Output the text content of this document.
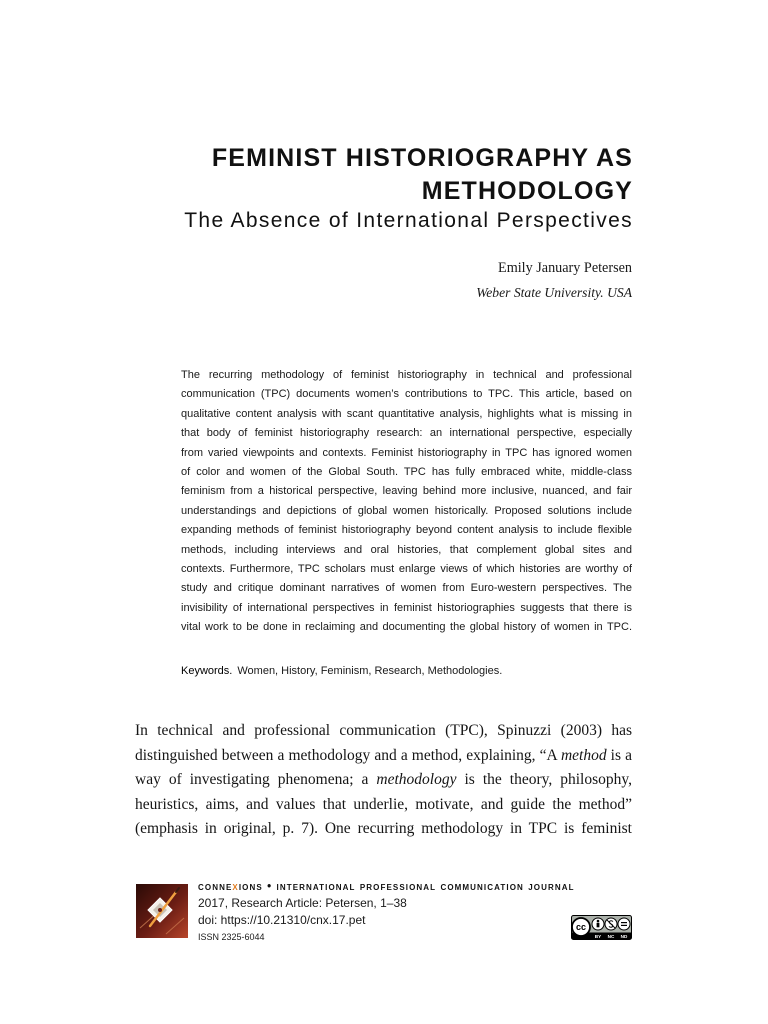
FEMINIST HISTORIOGRAPHY AS
METHODOLOGY
The Absence of International Perspectives
Emily January Petersen
Weber State University. USA
The recurring methodology of feminist historiography in technical and professional
communication (TPC) documents women’s contributions to TPC. This article, based on
qualitative content analysis with scant quantitative analysis, highlights what is missing in
that body of feminist historiography research: an international perspective, especially
from varied viewpoints and contexts. Feminist historiography in TPC has ignored women
of color and women of the Global South. TPC has fully embraced white, middle-class
feminism from a historical perspective, leaving behind more inclusive, nuanced, and fair
understandings and depictions of global women historically. Proposed solutions include
expanding methods of feminist historiography beyond content analysis to include flexible
methods, including interviews and oral histories, that complement global sites and
contexts. Furthermore, TPC scholars must enlarge views of which histories are worthy of
study and critique dominant narratives of women from Euro-western perspectives. The
invisibility of international perspectives in feminist historiographies suggests that there is
vital work to be done in reclaiming and documenting the global history of women in TPC.
Keywords. Women, History, Feminism, Research, Methodologies.
In technical and professional communication (TPC), Spinuzzi (2003) has
distinguished between a methodology and a method, explaining, “A method is a
way of investigating phenomena; a methodology is the theory, philosophy,
heuristics, aims, and values that underlie, motivate, and guide the method”
(emphasis in original, p. 7). One recurring methodology in TPC is feminist
connexions • international professional communication journal
2017, Research Article: Petersen, 1–38
doi: https://10.21310/cnx.17.pet
ISSN 2325-6044
cc
BY NC ND
